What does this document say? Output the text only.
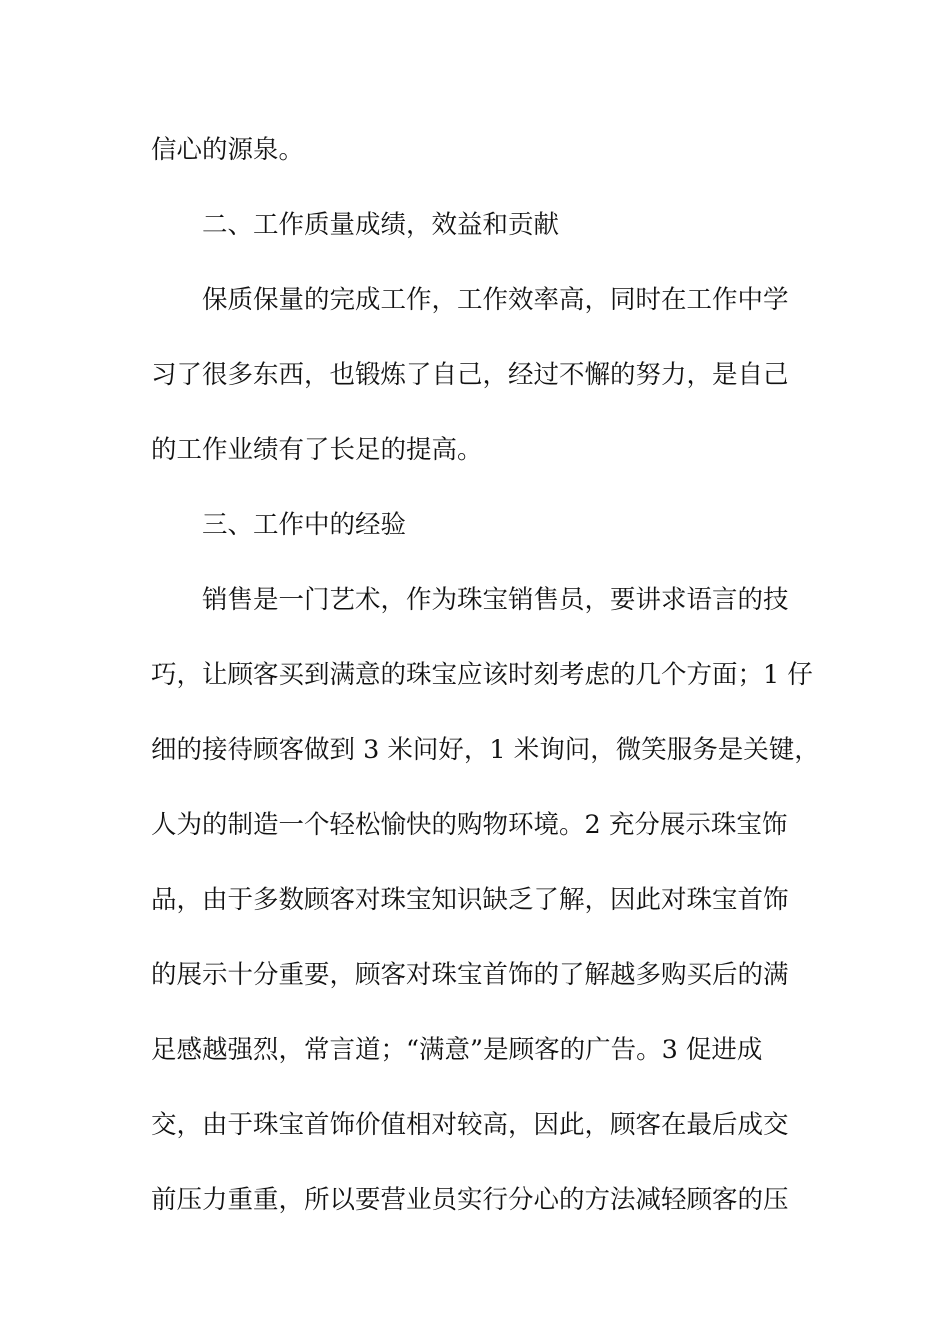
信心的源泉。
二、工作质量成绩，效益和贡献
保质保量的完成工作，工作效率高，同时在工作中学
习了很多东西，也锻炼了自己，经过不懈的努力，是自己
的工作业绩有了长足的提高。
三、工作中的经验
销售是一门艺术，作为珠宝销售员，要讲求语言的技
巧，让顾客买到满意的珠宝应该时刻考虑的几个方面；1 仔
细的接待顾客做到 3 米问好，1 米询问，微笑服务是关键，
人为的制造一个轻松愉快的购物环境。2 充分展示珠宝饰
品，由于多数顾客对珠宝知识缺乏了解，因此对珠宝首饰
的展示十分重要，顾客对珠宝首饰的了解越多购买后的满
足感越强烈，常言道；“满意”是顾客的广告。3 促进成
交，由于珠宝首饰价值相对较高，因此，顾客在最后成交
前压力重重，所以要营业员实行分心的方法减轻顾客的压
